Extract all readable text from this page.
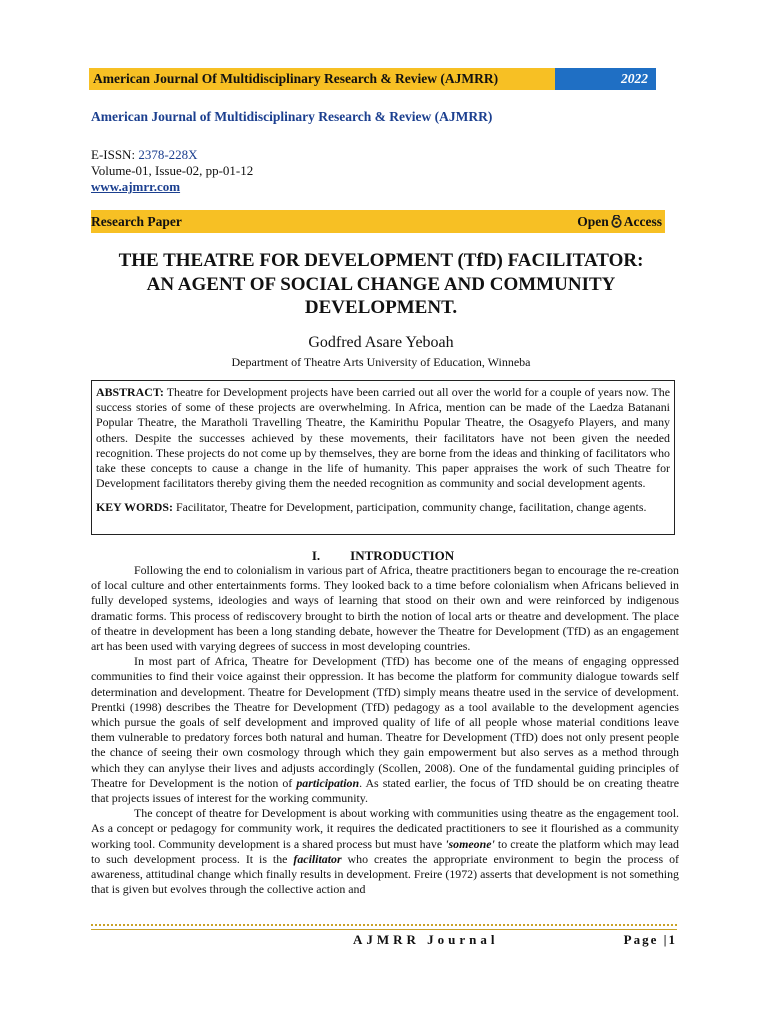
American Journal Of Multidisciplinary Research & Review (AJMRR)	2022
American Journal of Multidisciplinary Research & Review (AJMRR)
E-ISSN: 2378-228X
Volume-01, Issue-02, pp-01-12
www.ajmrr.com
Research Paper	Open Access
THE THEATRE FOR DEVELOPMENT (TfD) FACILITATOR:
AN AGENT OF SOCIAL CHANGE AND COMMUNITY
DEVELOPMENT.
Godfred Asare Yeboah
Department of Theatre Arts University of Education, Winneba
ABSTRACT: Theatre for Development projects have been carried out all over the world for a couple of years now. The success stories of some of these projects are overwhelming. In Africa, mention can be made of the Laedza Batanani Popular Theatre, the Maratholi Travelling Theatre, the Kamirithu Popular Theatre, the Osagyefo Players, and many others. Despite the successes achieved by these movements, their facilitators have not been given the needed recognition. These projects do not come up by themselves, they are borne from the ideas and thinking of facilitators who take these concepts to cause a change in the life of humanity. This paper appraises the work of such Theatre for Development facilitators thereby giving them the needed recognition as community and social development agents.
KEY WORDS: Facilitator, Theatre for Development, participation, community change, facilitation, change agents.
I. INTRODUCTION

Following the end to colonialism in various part of Africa, theatre practitioners began to encourage the re-creation of local culture and other entertainments forms. They looked back to a time before colonialism when Africans believed in fully developed systems, ideologies and ways of learning that stood on their own and were reinforced by indigenous dramatic forms. This process of rediscovery brought to birth the notion of local arts or theatre and development. The place of theatre in development has been a long standing debate, however the Theatre for Development (TfD) as an engagement art has been used with varying degrees of success in most developing countries.

In most part of Africa, Theatre for Development (TfD) has become one of the means of engaging oppressed communities to find their voice against their oppression. It has become the platform for community dialogue towards self determination and development. Theatre for Development (TfD) simply means theatre used in the service of development. Prentki (1998) describes the Theatre for Development (TfD) pedagogy as a tool available to the development agencies which pursue the goals of self development and improved quality of life of all people whose material conditions leave them vulnerable to predatory forces both natural and human. Theatre for Development (TfD) does not only present people the chance of seeing their own cosmology through which they gain empowerment but also serves as a method through which they can anylyse their lives and adjusts accordingly (Scollen, 2008). One of the fundamental guiding principles of Theatre for Development is the notion of participation. As stated earlier, the focus of TfD should be on creating theatre that projects issues of interest for the working community.

The concept of theatre for Development is about working with communities using theatre as the engagement tool. As a concept or pedagogy for community work, it requires the dedicated practitioners to see it flourished as a community working tool. Community development is a shared process but must have 'someone' to create the platform which may lead to such development process. It is the facilitator who creates the appropriate environment to begin the process of awareness, attitudinal change which finally results in development. Freire (1972) asserts that development is not something that is given but evolves through the collective action and

AJMRR Journal	Page |1
